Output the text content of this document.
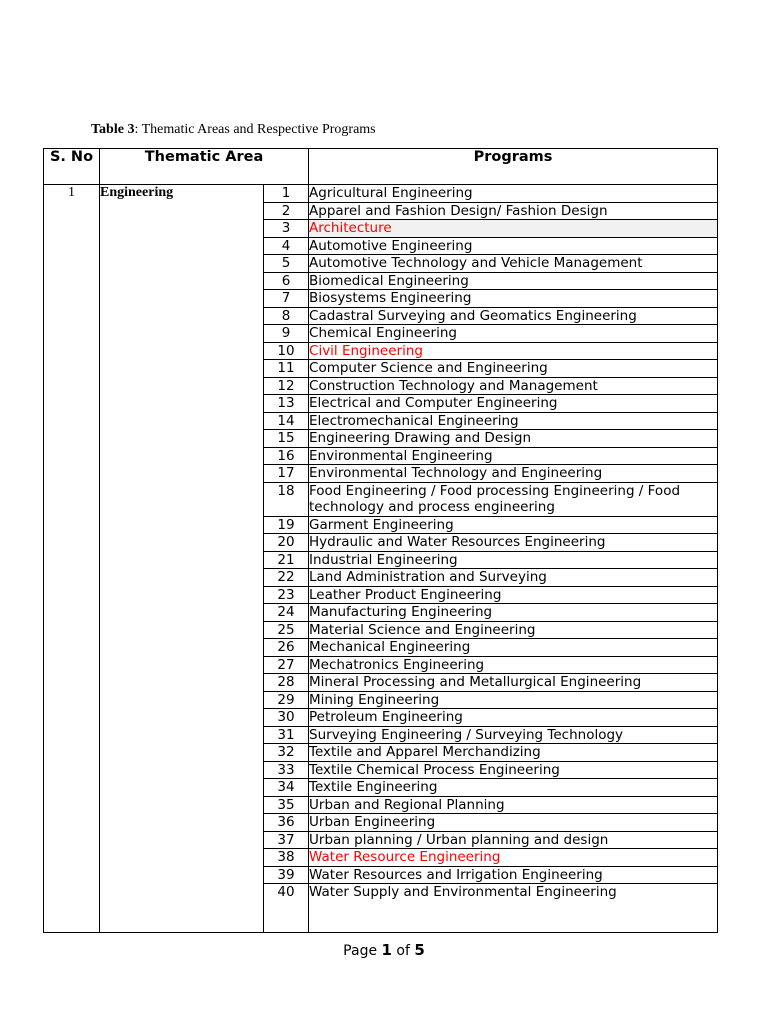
Table 3: Thematic Areas and Respective Programs
S. No	Thematic Area		Programs
1	Engineering	1	Agricultural Engineering
		2	Apparel and Fashion Design/ Fashion Design
		3	Architecture
		4	Automotive Engineering
		5	Automotive Technology and Vehicle Management
		6	Biomedical Engineering
		7	Biosystems Engineering
		8	Cadastral Surveying and Geomatics Engineering
		9	Chemical Engineering
		10	Civil Engineering
		11	Computer Science and Engineering
		12	Construction Technology and Management
		13	Electrical and Computer Engineering
		14	Electromechanical Engineering
		15	Engineering Drawing and Design
		16	Environmental Engineering
		17	Environmental Technology and Engineering
		18	Food Engineering / Food processing Engineering / Food technology and process engineering
		19	Garment Engineering
		20	Hydraulic and Water Resources Engineering
		21	Industrial Engineering
		22	Land Administration and Surveying
		23	Leather Product Engineering
		24	Manufacturing Engineering
		25	Material Science and Engineering
		26	Mechanical Engineering
		27	Mechatronics Engineering
		28	Mineral Processing and Metallurgical Engineering
		29	Mining Engineering
		30	Petroleum Engineering
		31	Surveying Engineering / Surveying Technology
		32	Textile and Apparel Merchandizing
		33	Textile Chemical Process Engineering
		34	Textile Engineering
		35	Urban and Regional Planning
		36	Urban Engineering
		37	Urban planning / Urban planning and design
		38	Water Resource Engineering
		39	Water Resources and Irrigation Engineering
		40	Water Supply and Environmental Engineering
Page 1 of 5
